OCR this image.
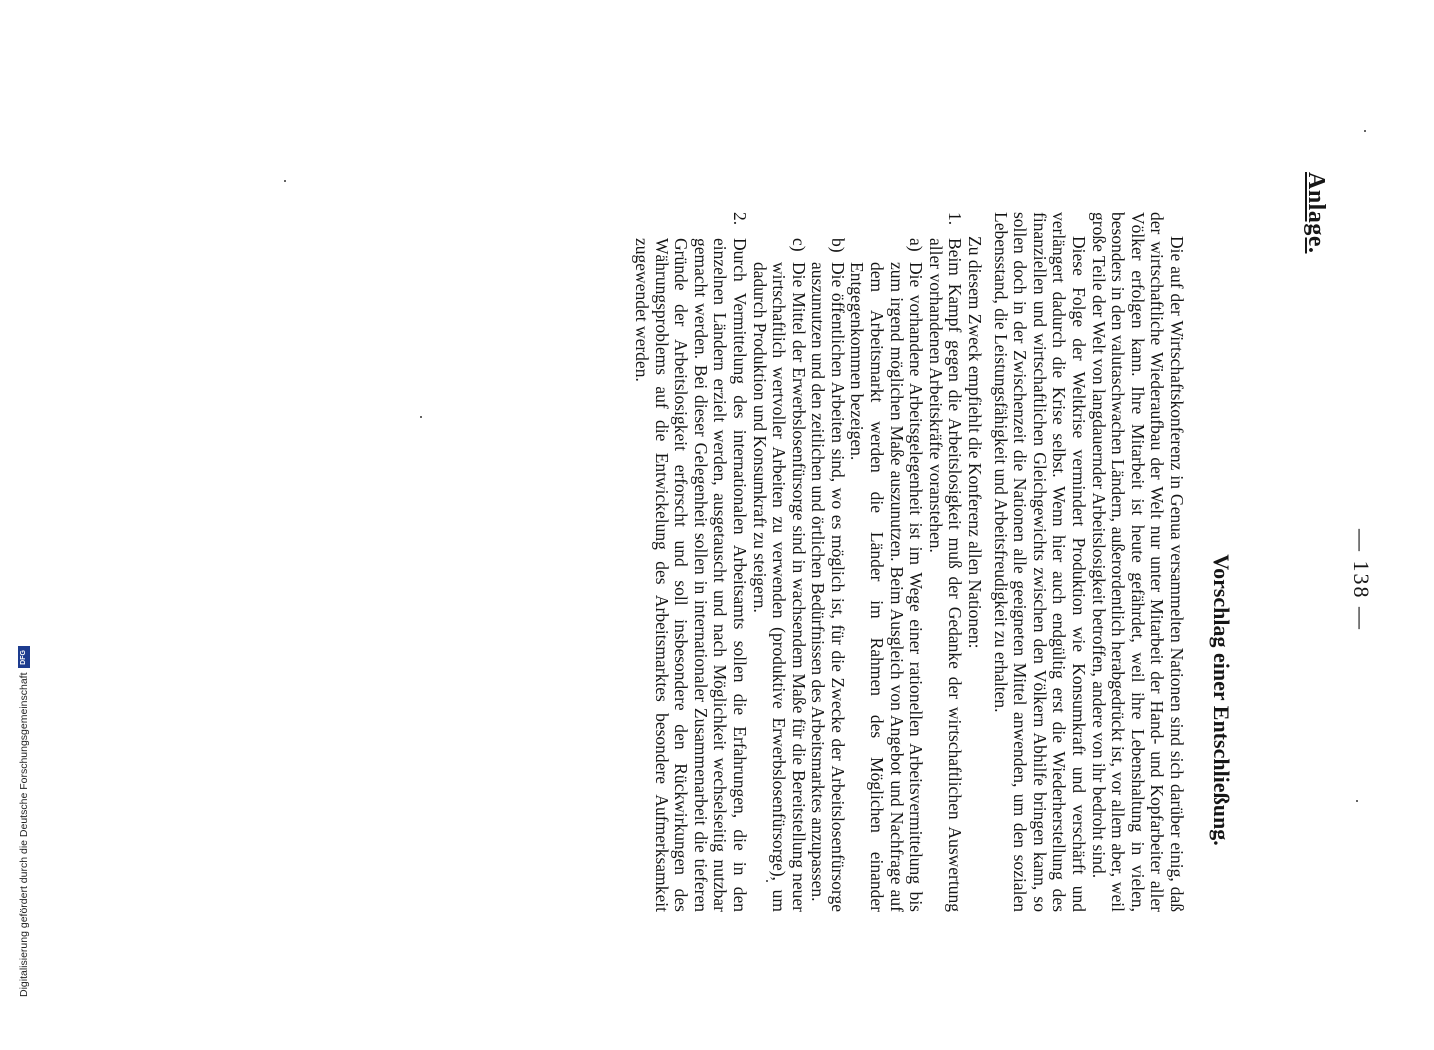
Anlage.
— 138 —
Vorschlag einer Entschließung.

Die auf der Wirtschaftskonferenz in Genua versammelten Nationen sind sich darüber einig, daß der wirtschaftliche Wiederaufbau der Welt nur unter Mitarbeit der Hand- und Kopfarbeiter aller Völker erfolgen kann. Ihre Mitarbeit ist heute gefährdet, weil ihre Lebenshaltung in vielen, besonders in den valutaschwachen Ländern, außerordentlich herabgedrückt ist, vor allem aber, weil große Teile der Welt von langdauernder Arbeitslosigkeit betroffen, andere von ihr bedroht sind.

Diese Folge der Weltkrise vermindert Produktion wie Konsumkraft und verschärft und verlängert dadurch die Krise selbst. Wenn hier auch endgültig erst die Wiederherstellung des finanziellen und wirtschaftlichen Gleichgewichts zwischen den Völkern Abhilfe bringen kann, so sollen doch in der Zwischenzeit die Nationen alle geeigneten Mittel anwenden, um den sozialen Lebensstand, die Leistungsfähigkeit und Arbeitsfreudigkeit zu erhalten.

Zu diesem Zweck empfiehlt die Konferenz allen Nationen:

1.
Beim Kampf gegen die Arbeitslosigkeit muß der Gedanke der wirtschaftlichen Auswertung aller vorhandenen Arbeitskräfte voranstehen.
a)
Die vorhandene Arbeitsgelegenheit ist im Wege einer rationellen Arbeitsvermittelung bis zum irgend möglichen Maße auszunutzen. Beim Ausgleich von Angebot und Nachfrage auf dem Arbeitsmarkt werden die Länder im Rahmen des Möglichen einander Entgegenkommen bezeigen.
b)
Die öffentlichen Arbeiten sind, wo es möglich ist, für die Zwecke der Arbeitslosenfürsorge auszunutzen und den zeitlichen und örtlichen Bedürfnissen des Arbeitsmarktes anzupassen.
c)
Die Mittel der Erwerbslosenfürsorge sind in wachsendem Maße für die Bereitstellung neuer wirtschaftlich wertvoller Arbeiten zu verwenden (produktive Erwerbslosenfürsorge), um dadurch Produktion und Konsumkraft zu steigern.
2.
Durch Vermittelung des internationalen Arbeitsamts sollen die Erfahrungen, die in den einzelnen Ländern erzielt werden, ausgetauscht und nach Möglichkeit wechselseitig nutzbar gemacht werden. Bei dieser Gelegenheit sollen in internationaler Zusammenarbeit die tieferen Gründe der Arbeitslosigkeit erforscht und soll insbesondere den Rückwirkungen des Währungsproblems auf die Entwickelung des Arbeitsmarktes besondere Aufmerksamkeit zugewendet werden.
Digitalisierung gefördert durch die Deutsche Forschungsgemeinschaft
DFG
